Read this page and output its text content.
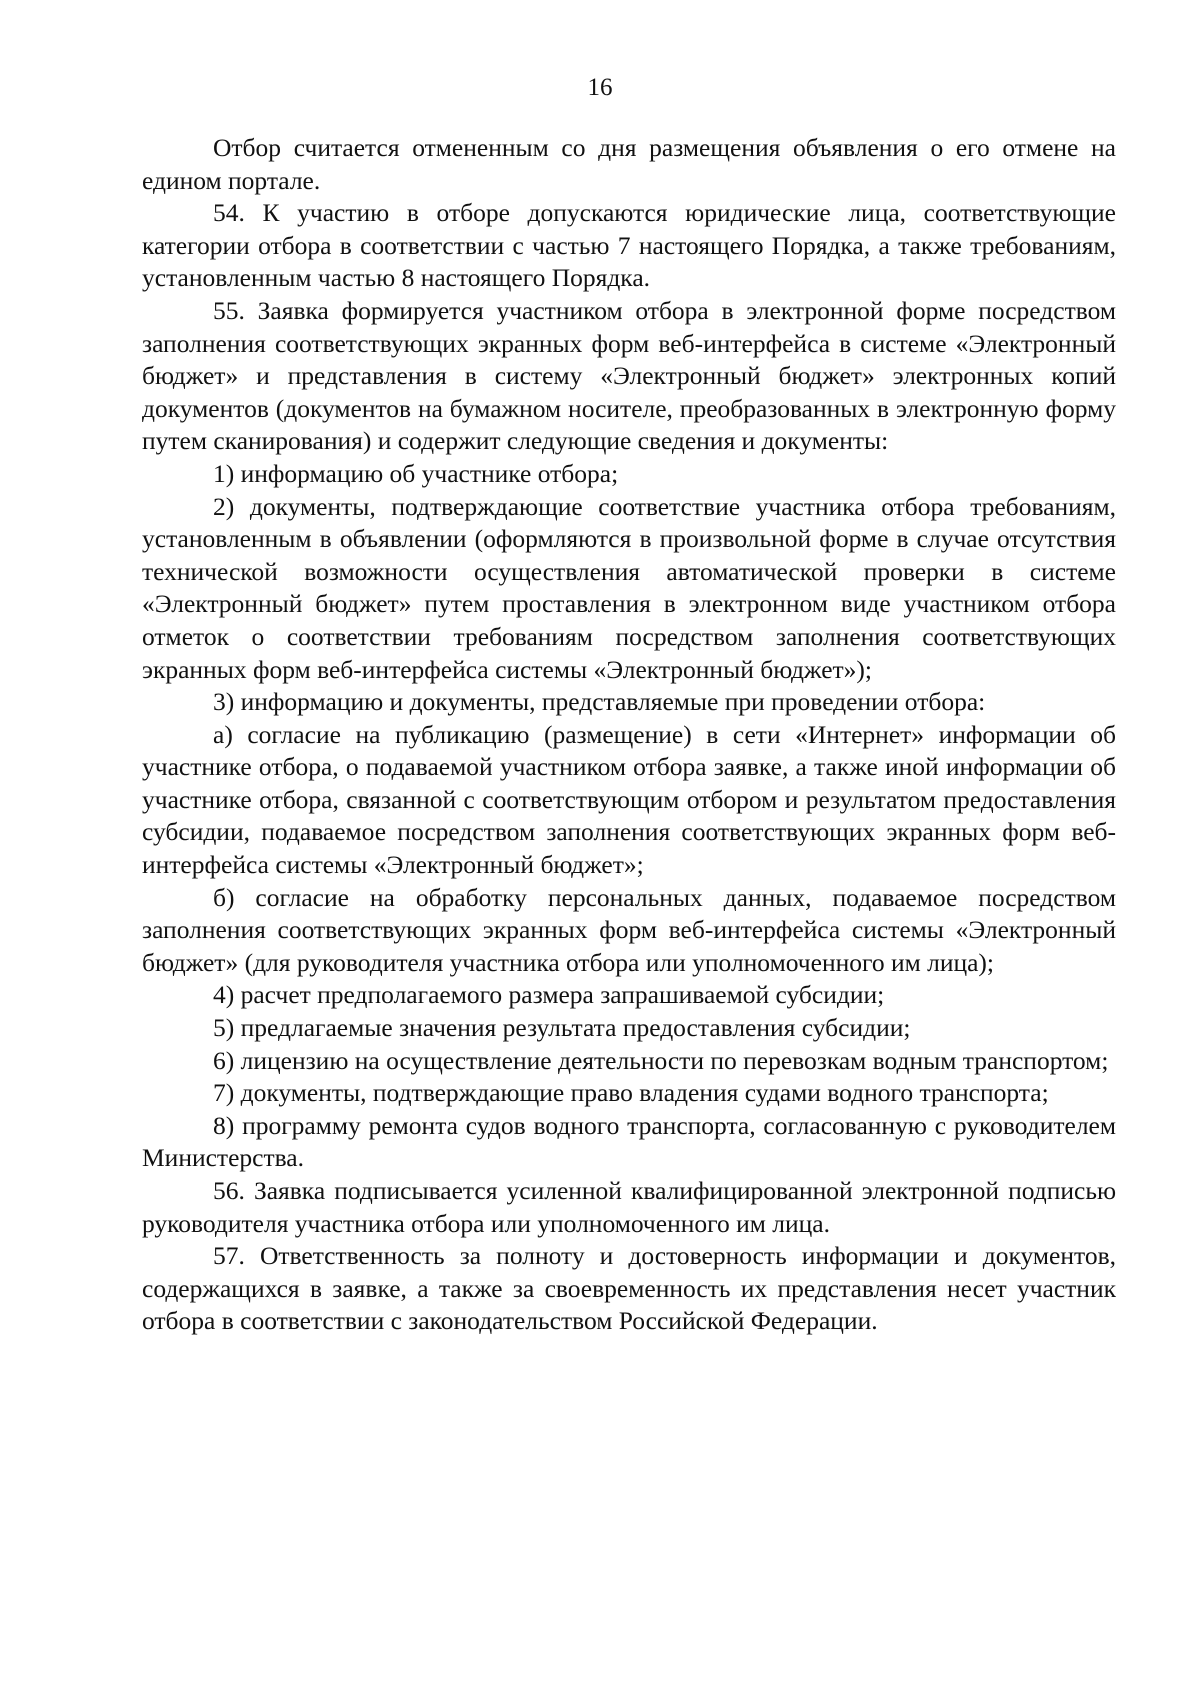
16

Отбор считается отмененным со дня размещения объявления о его отмене на едином портале.

54. К участию в отборе допускаются юридические лица, соответствующие категории отбора в соответствии с частью 7 настоящего Порядка, а также требованиям, установленным частью 8 настоящего Порядка.

55. Заявка формируется участником отбора в электронной форме посредством заполнения соответствующих экранных форм веб-интерфейса в системе «Электронный бюджет» и представления в систему «Электронный бюджет» электронных копий документов (документов на бумажном носителе, преобразованных в электронную форму путем сканирования) и содержит следующие сведения и документы:

1) информацию об участнике отбора;

2) документы, подтверждающие соответствие участника отбора требованиям, установленным в объявлении (оформляются в произвольной форме в случае отсутствия технической возможности осуществления автоматической проверки в системе «Электронный бюджет» путем проставления в электронном виде участником отбора отметок о соответствии требованиям посредством заполнения соответствующих экранных форм веб-интерфейса системы «Электронный бюджет»);

3) информацию и документы, представляемые при проведении отбора:

а) согласие на публикацию (размещение) в сети «Интернет» информации об участнике отбора, о подаваемой участником отбора заявке, а также иной информации об участнике отбора, связанной с соответствующим отбором и результатом предоставления субсидии, подаваемое посредством заполнения соответствующих экранных форм веб-интерфейса системы «Электронный бюджет»;

б) согласие на обработку персональных данных, подаваемое посредством заполнения соответствующих экранных форм веб-интерфейса системы «Электронный бюджет» (для руководителя участника отбора или уполномоченного им лица);

4) расчет предполагаемого размера запрашиваемой субсидии;

5) предлагаемые значения результата предоставления субсидии;

6) лицензию на осуществление деятельности по перевозкам водным транспортом;

7) документы, подтверждающие право владения судами водного транспорта;

8) программу ремонта судов водного транспорта, согласованную с руководителем Министерства.

56. Заявка подписывается усиленной квалифицированной электронной подписью руководителя участника отбора или уполномоченного им лица.

57. Ответственность за полноту и достоверность информации и документов, содержащихся в заявке, а также за своевременность их представления несет участник отбора в соответствии с законодательством Российской Федерации.
